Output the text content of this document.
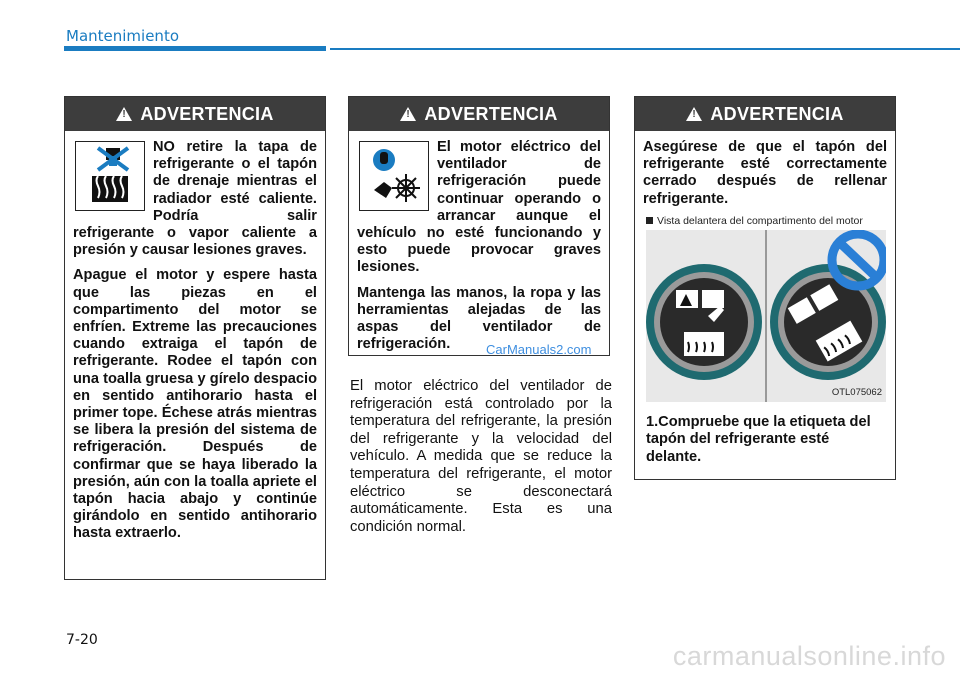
Mantenimiento
!
ADVERTENCIA

NO retire la tapa de refrigerante o el tapón de drenaje mientras el radiador esté caliente. Podría salir refrigerante o vapor caliente a presión y causar lesiones graves.

Apague el motor y espere hasta que las piezas en el compartimento del motor se enfríen. Extreme las precauciones cuando extraiga el tapón de refrigerante. Rodee el tapón con una toalla gruesa y gírelo despacio en sentido antihorario hasta el primer tope. Échese atrás mientras se libera la presión del sistema de refrigeración. Después de confirmar que se haya liberado la presión, aún con la toalla apriete el tapón hacia abajo y continúe girándolo en sentido antihorario hasta extraerlo.

!
ADVERTENCIA

El motor eléctrico del ventilador de refrigeración puede continuar operando o arrancar aunque el vehículo no esté funcionando y esto puede provocar graves lesiones.

Mantenga las manos, la ropa y las herramientas alejadas de las aspas del ventilador de refrigeración.	CarManuals2.com
El motor eléctrico del ventilador de refrigeración está controlado por la temperatura del refrigerante, la presión del refrigerante y la velocidad del vehículo. A medida que se reduce la temperatura del refrigerante, el motor eléctrico se desconectará automáticamente. Esta es una condición normal.
!
ADVERTENCIA

Asegúrese de que el tapón del refrigerante esté correctamente cerrado después de rellenar refrigerante.

Vista delantera del compartimento del motor
OTL075062
1.Compruebe que la etiqueta del tapón del refrigerante esté delante.
7-20
carmanualsonline.info
